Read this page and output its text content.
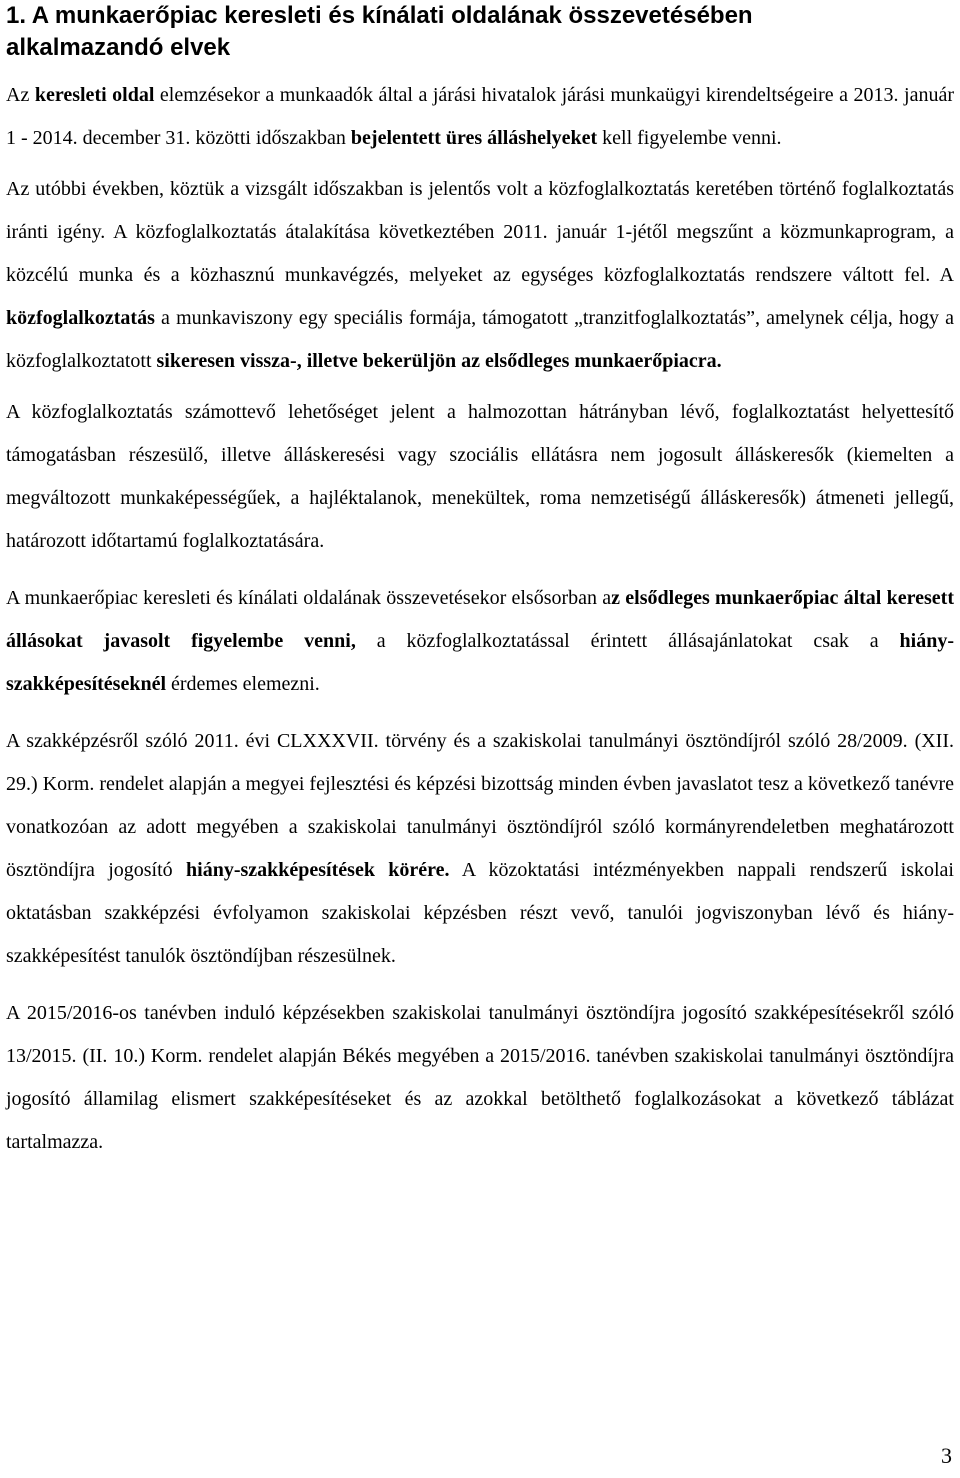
1. A munkaerőpiac keresleti és kínálati oldalának összevetésében
alkalmazandó elvek

Az keresleti oldal elemzésekor a munkaadók által a járási hivatalok járási munkaügyi kirendeltségeire a 2013. január 1 - 2014. december 31. közötti időszakban bejelentett üres álláshelyeket kell figyelembe venni.

Az utóbbi években, köztük a vizsgált időszakban is jelentős volt a közfoglalkoztatás keretében történő foglalkoztatás iránti igény. A közfoglalkoztatás átalakítása következtében 2011. január 1-jétől megszűnt a közmunkaprogram, a közcélú munka és a közhasznú munkavégzés, melyeket az egységes közfoglalkoztatás rendszere váltott fel. A közfoglalkoztatás a munkaviszony egy speciális formája, támogatott „tranzitfoglalkoztatás”, amelynek célja, hogy a közfoglalkoztatott sikeresen vissza-, illetve bekerüljön az elsődleges munkaerőpiacra.

A közfoglalkoztatás számottevő lehetőséget jelent a halmozottan hátrányban lévő, foglalkoztatást helyettesítő támogatásban részesülő, illetve álláskeresési vagy szociális ellátásra nem jogosult álláskeresők (kiemelten a megváltozott munkaképességűek, a hajléktalanok, menekültek, roma nemzetiségű álláskeresők) átmeneti jellegű, határozott időtartamú foglalkoztatására.

A munkaerőpiac keresleti és kínálati oldalának összevetésekor elsősorban az elsődleges munkaerőpiac által keresett állásokat javasolt figyelembe venni, a közfoglalkoztatással érintett állásajánlatokat csak a hiány-szakképesítéseknél érdemes elemezni.

A szakképzésről szóló 2011. évi CLXXXVII. törvény és a szakiskolai tanulmányi ösztöndíjról szóló 28/2009. (XII. 29.) Korm. rendelet alapján a megyei fejlesztési és képzési bizottság minden évben javaslatot tesz a következő tanévre vonatkozóan az adott megyében a szakiskolai tanulmányi ösztöndíjról szóló kormányrendeletben meghatározott ösztöndíjra jogosító hiány-szakképesítések körére. A közoktatási intézményekben nappali rendszerű iskolai oktatásban szakképzési évfolyamon szakiskolai képzésben részt vevő, tanulói jogviszonyban lévő és hiány-szakképesítést tanulók ösztöndíjban részesülnek.

A 2015/2016-os tanévben induló képzésekben szakiskolai tanulmányi ösztöndíjra jogosító szakképesítésekről szóló 13/2015. (II. 10.) Korm. rendelet alapján Békés megyében a 2015/2016. tanévben szakiskolai tanulmányi ösztöndíjra jogosító államilag elismert szakképesítéseket és az azokkal betölthető foglalkozásokat a következő táblázat tartalmazza.

3
